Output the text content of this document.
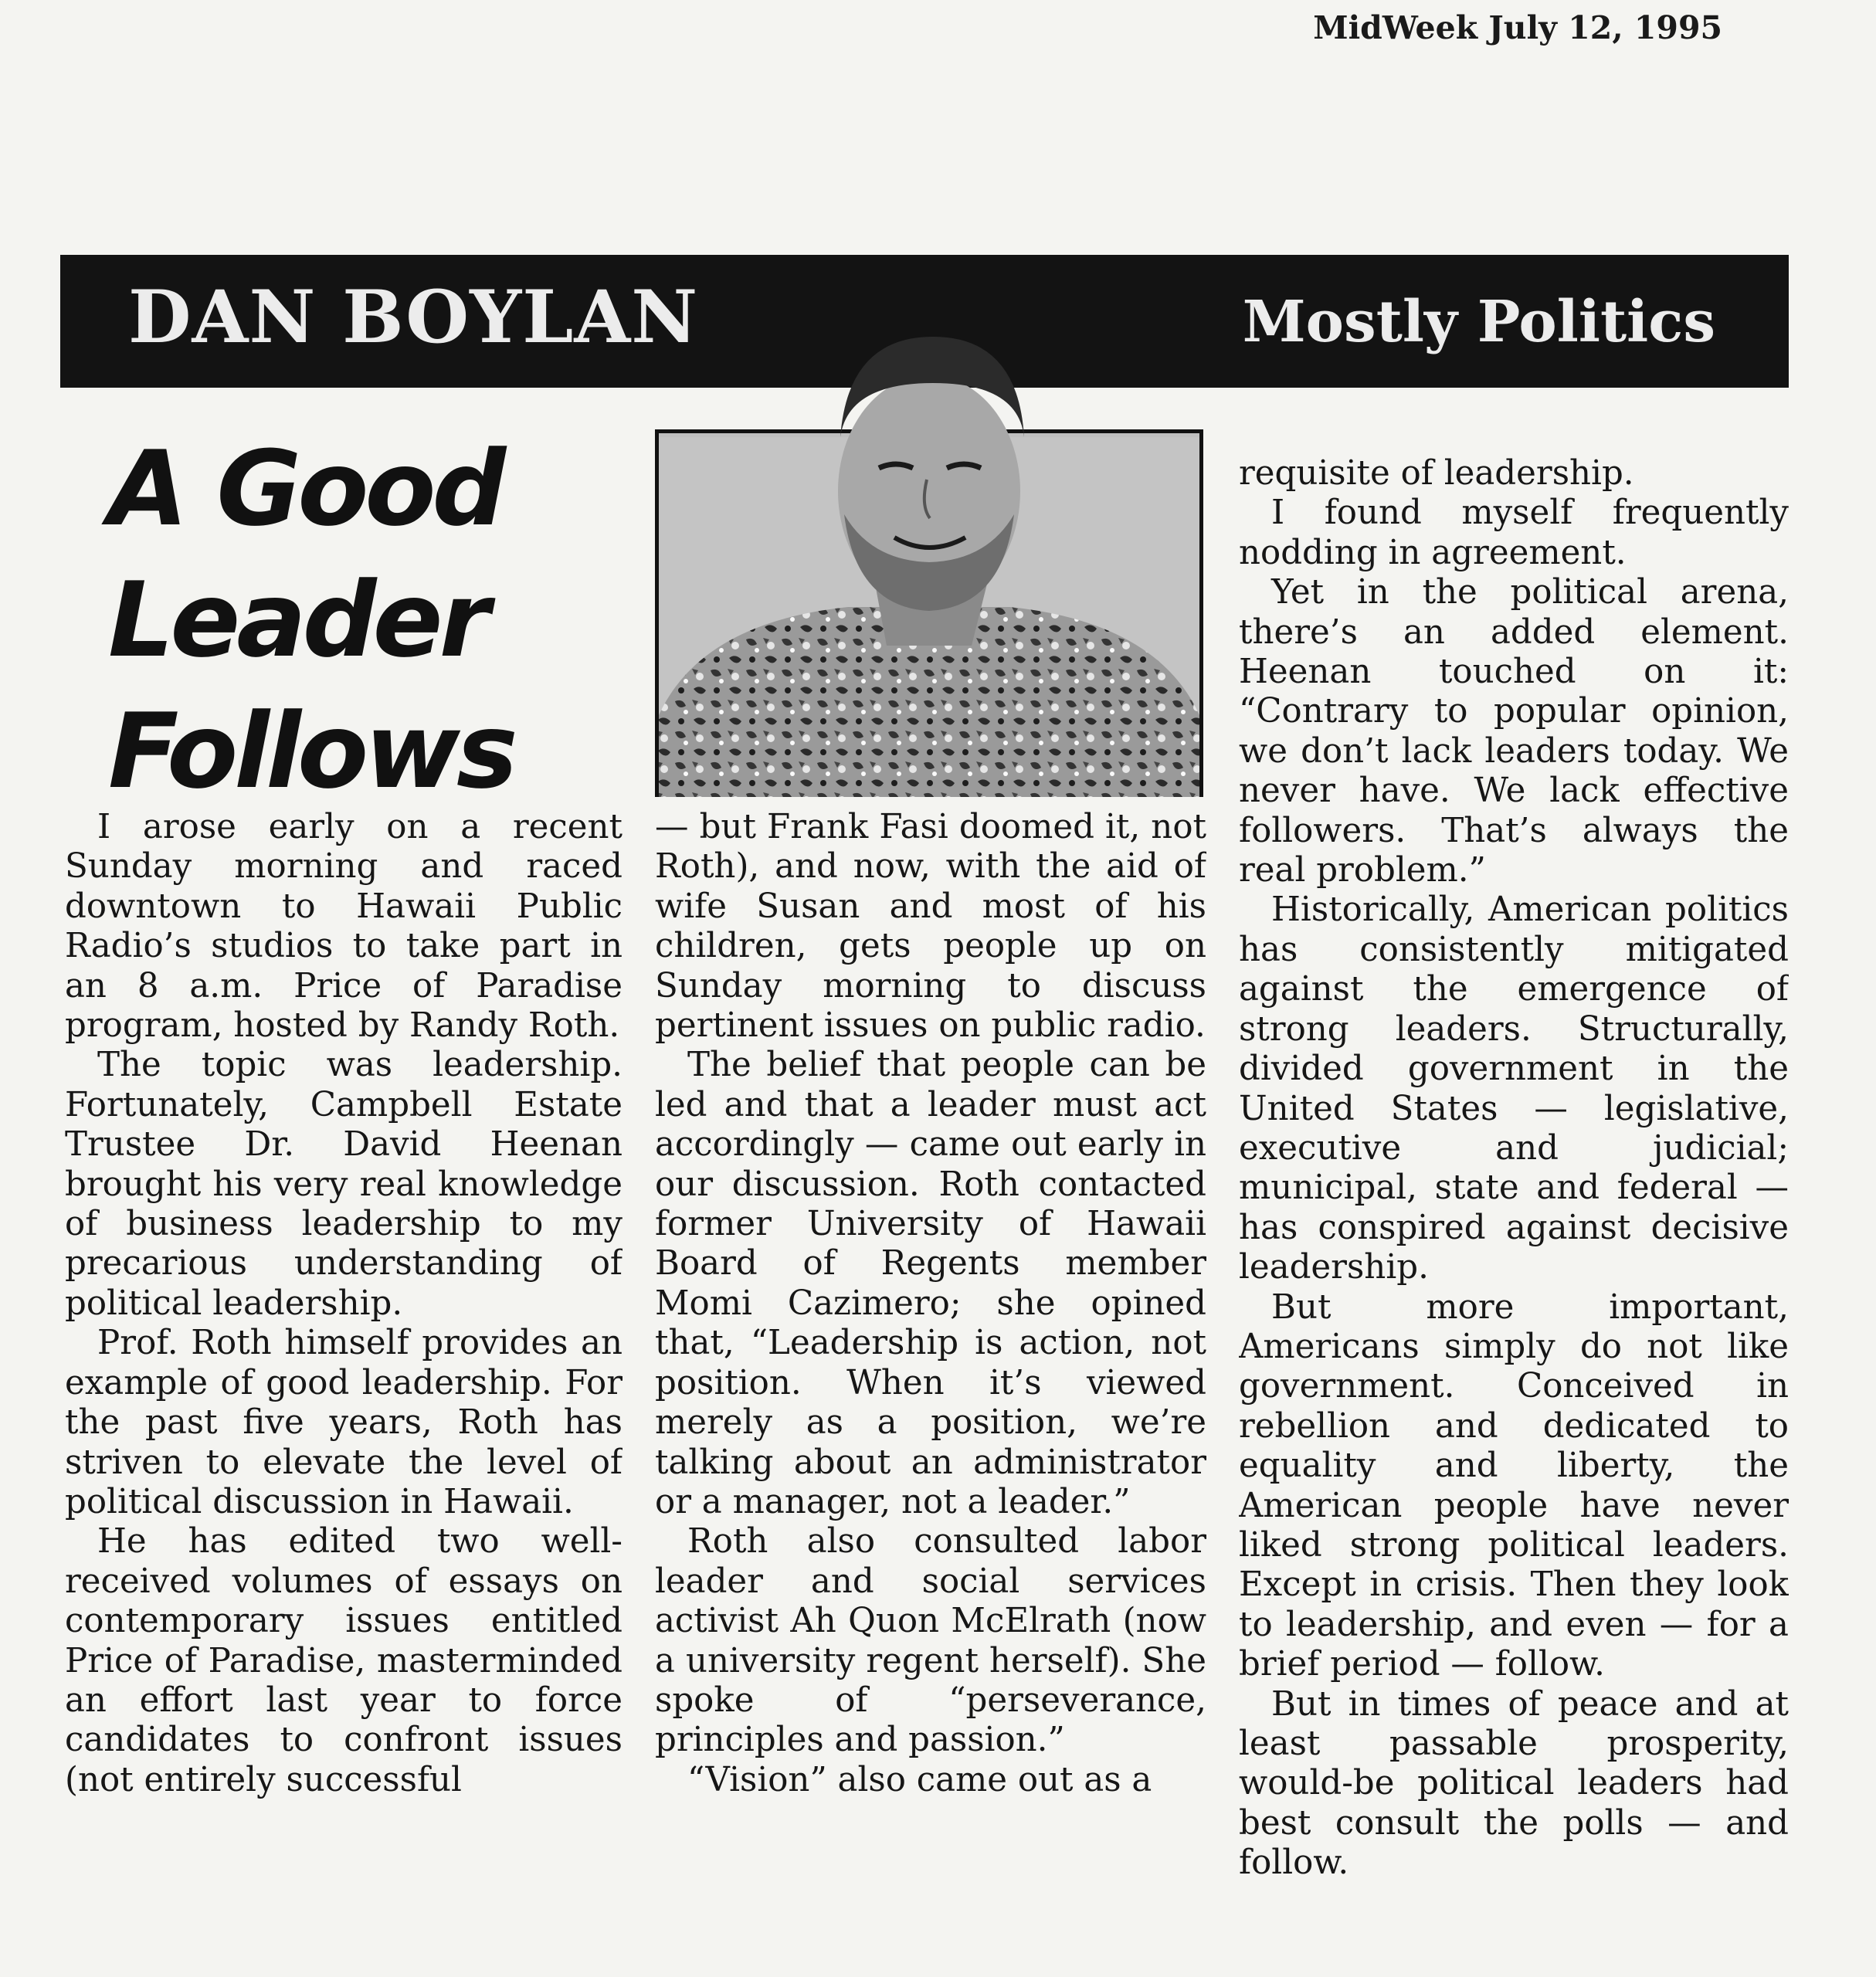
MidWeek July 12, 1995
DAN BOYLAN	Mostly Politics
A Good
Leader
Follows

I arose early on a recent Sunday morning and raced downtown to Hawaii Public Radio’s studios to take part in an 8 a.m. Price of Paradise program, hosted by Randy Roth.

The topic was leadership. Fortunately, Campbell Estate Trustee Dr. David Heenan brought his very real knowledge of business leadership to my precarious understanding of political leadership.

Prof. Roth himself provides an example of good leadership. For the past five years, Roth has striven to elevate the level of political discussion in Hawaii.

He has edited two well-received volumes of essays on contemporary issues entitled Price of Paradise, masterminded an effort last year to force candidates to confront issues (not entirely successful

— but Frank Fasi doomed it, not Roth), and now, with the aid of wife Susan and most of his children, gets people up on Sunday morning to discuss pertinent issues on public radio.

The belief that people can be led and that a leader must act accordingly — came out early in our discussion. Roth contacted former University of Hawaii Board of Regents member Momi Cazimero; she opined that, “Leadership is action, not position. When it’s viewed merely as a position, we’re talking about an administrator or a manager, not a leader.”

Roth also consulted labor leader and social services activist Ah Quon McElrath (now a university regent herself). She spoke of “perseverance, principles and passion.”

“Vision” also came out as a

requisite of leadership.

I found myself frequently nodding in agreement.

Yet in the political arena, there’s an added element. Heenan touched on it: “Contrary to popular opinion, we don’t lack leaders today. We never have. We lack effective followers. That’s always the real problem.”

Historically, American politics has consistently mitigated against the emergence of strong leaders. Structurally, divided government in the United States — legislative, executive and judicial; municipal, state and federal — has conspired against decisive leadership.

But more important, Americans simply do not like government. Conceived in rebellion and dedicated to equality and liberty, the American people have never liked strong political leaders. Except in crisis. Then they look to leadership, and even — for a brief period — follow.

But in times of peace and at least passable prosperity, would-be political leaders had best consult the polls — and follow.
